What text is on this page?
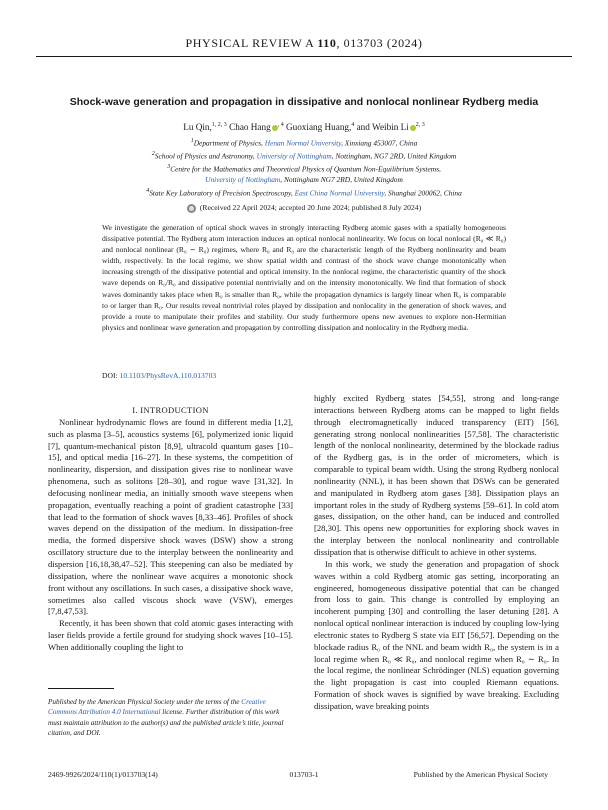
PHYSICAL REVIEW A 110, 013703 (2024)
Shock-wave generation and propagation in dissipative and nonlocal nonlinear Rydberg media
Lu Qin,$^{1, 2, 3}$ Chao Hang $^{, 4}$ Guoxiang Huang,$^4$ and Weibin Li $^{2, 3}$
$^1$Department of Physics, Henan Normal University, Xinxiang 453007, China
$^2$School of Physics and Astronomy, University of Nottingham, Nottingham, NG7 2RD, United Kingdom
$^3$Centre for the Mathematics and Theoretical Physics of Quantum Non-Equilibrium Systems,
University of Nottingham, Nottingham NG7 2RD, United Kingdom
$^4$State Key Laboratory of Precision Spectroscopy, East China Normal University, Shanghai 200062, China
(Received 22 April 2024; accepted 20 June 2024; published 8 July 2024)
We investigate the generation of optical shock waves in strongly interacting Rydberg atomic gases with a spatially homogeneous dissipative potential. The Rydberg atom interaction induces an optical nonlocal nonlinearity. We focus on local nonlocal (R₀ ≪ R₀) and nonlocal nonlinear (R₀ ∼ R₀) regimes, where R₀ and R₀ are the characteristic length of the Rydberg nonlinearity and beam width, respectively. In the local regime, we show spatial width and contrast of the shock wave change monotonically when increasing strength of the dissipative potential and optical intensity. In the nonlocal regime, the characteristic quantity of the shock wave depends on R₀/R₀ and dissipative potential nontrivially and on the intensity monotonically. We find that formation of shock waves dominantly takes place when R₀ is smaller than R₀, while the propagation dynamics is largely linear when R₀ is comparable to or larger than R₀. Our results reveal nontrivial roles played by dissipation and nonlocality in the generation of shock waves, and provide a route to manipulate their profiles and stability. Our study furthermore opens new avenues to explore non-Hermitian physics and nonlinear wave generation and propagation by controlling dissipation and nonlocality in the Rydberg media.
DOI: 10.1103/PhysRevA.110.013703

I. INTRODUCTION

Nonlinear hydrodynamic flows are found in different media [1,2], such as plasma [3–5], acoustics systems [6], polymerized ionic liquid [7], quantum-mechanical piston [8,9], ultracold quantum gases [10–15], and optical media [16–27]. In these systems, the competition of nonlinearity, dispersion, and dissipation gives rise to nonlinear wave phenomena, such as solitons [28–30], and rogue wave [31,32]. In defocusing nonlinear media, an initially smooth wave steepens when propagation, eventually reaching a point of gradient catastrophe [33] that lead to the formation of shock waves [8,33–46]. Profiles of shock waves depend on the dissipation of the medium. In dissipation-free media, the formed dispersive shock waves (DSW) show a strong oscillatory structure due to the interplay between the nonlinearity and dispersion [16,18,38,47–52]. This steepening can also be mediated by dissipation, where the nonlinear wave acquires a monotonic shock front without any oscillations. In such cases, a dissipative shock wave, sometimes also called viscous shock wave (VSW), emerges [7,8,47,53].

Recently, it has been shown that cold atomic gases interacting with laser fields provide a fertile ground for studying shock waves [10–15]. When additionally coupling the light to

highly excited Rydberg states [54,55], strong and long-range interactions between Rydberg atoms can be mapped to light fields through electromagnetically induced transparency (EIT) [56], generating strong nonlocal nonlinearities [57,58]. The characteristic length of the nonlocal nonlinearity, determined by the blockade radius of the Rydberg gas, is in the order of micrometers, which is comparable to typical beam width. Using the strong Rydberg nonlocal nonlinearity (NNL), it has been shown that DSWs can be generated and manipulated in Rydberg atom gases [38]. Dissipation plays an important roles in the study of Rydberg systems [59–61]. In cold atom gases, dissipation, on the other hand, can be induced and controlled [28,30]. This opens new opportunities for exploring shock waves in the interplay between the nonlocal nonlinearity and controllable dissipation that is otherwise difficult to achieve in other systems.

In this work, we study the generation and propagation of shock waves within a cold Rydberg atomic gas setting, incorporating an engineered, homogeneous dissipative potential that can be changed from loss to gain. This change is controlled by employing an incoherent pumping [30] and controlling the laser detuning [28]. A nonlocal optical nonlinear interaction is induced by coupling low-lying electronic states to Rydberg S state via EIT [56,57]. Depending on the blockade radius R₀ of the NNL and beam width R₀, the system is in a local regime when R₀ ≪ R₀, and nonlocal regime when R₀ ∼ R₀. In the local regime, the nonlinear Schrödinger (NLS) equation governing the light propagation is cast into coupled Riemann equations. Formation of shock waves is signified by wave breaking. Excluding dissipation, wave breaking points

Published by the American Physical Society under the terms of the Creative Commons Attribution 4.0 International license. Further distribution of this work must maintain attribution to the author(s) and the published article’s title, journal citation, and DOI.
2469-9926/2024/110(1)/013703(14)	013703-1	Published by the American Physical Society
